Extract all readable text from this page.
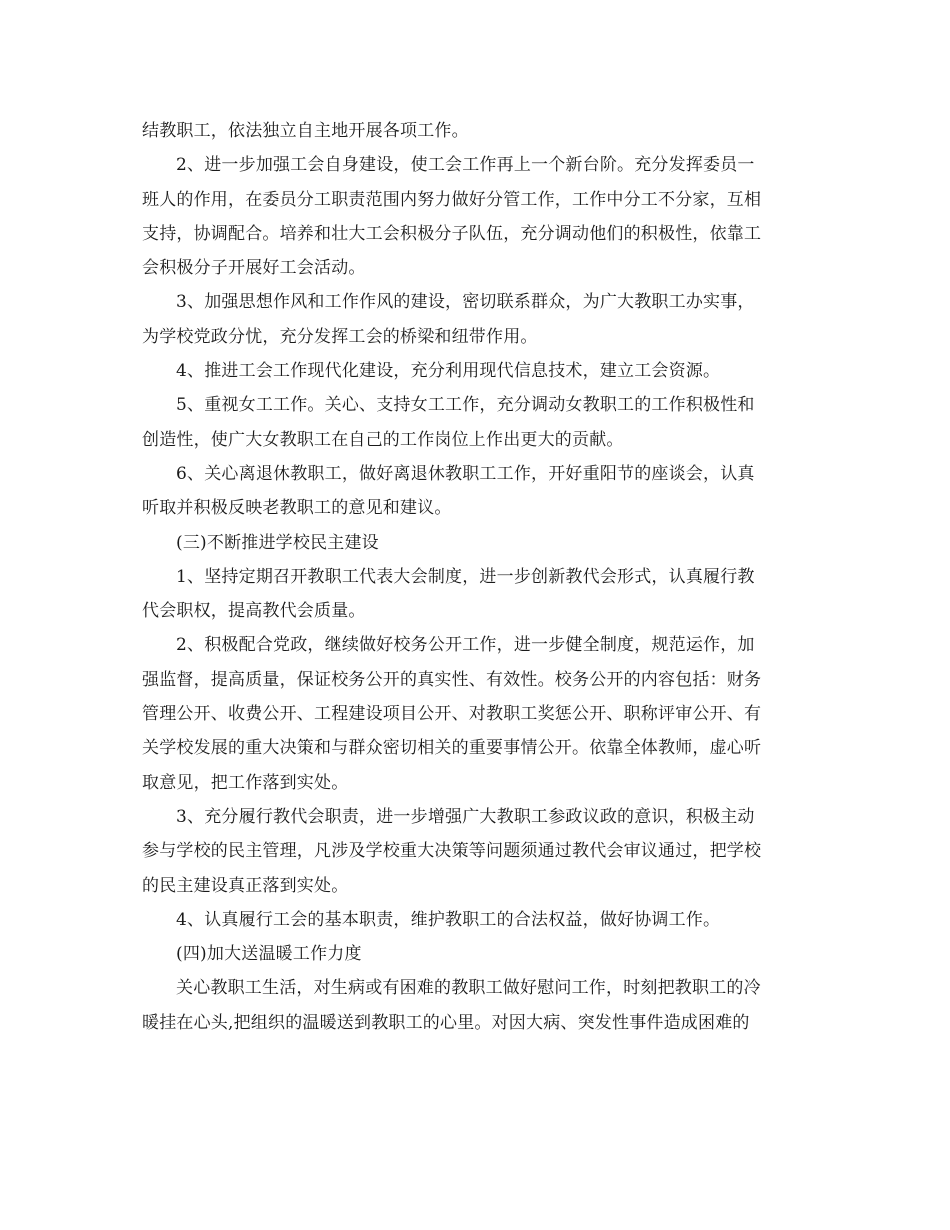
结教职工，依法独立自主地开展各项工作。
2、进一步加强工会自身建设，使工会工作再上一个新台阶。充分发挥委员一
班人的作用，在委员分工职责范围内努力做好分管工作，工作中分工不分家，互相
支持，协调配合。培养和壮大工会积极分子队伍，充分调动他们的积极性，依靠工
会积极分子开展好工会活动。
3、加强思想作风和工作作风的建设，密切联系群众，为广大教职工办实事，
为学校党政分忧，充分发挥工会的桥梁和纽带作用。
4、推进工会工作现代化建设，充分利用现代信息技术，建立工会资源。
5、重视女工工作。关心、支持女工工作，充分调动女教职工的工作积极性和
创造性，使广大女教职工在自己的工作岗位上作出更大的贡献。
6、关心离退休教职工，做好离退休教职工工作，开好重阳节的座谈会，认真
听取并积极反映老教职工的意见和建议。
(三)不断推进学校民主建设
1、坚持定期召开教职工代表大会制度，进一步创新教代会形式，认真履行教
代会职权，提高教代会质量。
2、积极配合党政，继续做好校务公开工作，进一步健全制度，规范运作，加
强监督，提高质量，保证校务公开的真实性、有效性。校务公开的内容包括：财务
管理公开、收费公开、工程建设项目公开、对教职工奖惩公开、职称评审公开、有
关学校发展的重大决策和与群众密切相关的重要事情公开。依靠全体教师，虚心听
取意见，把工作落到实处。
3、充分履行教代会职责，进一步增强广大教职工参政议政的意识，积极主动
参与学校的民主管理，凡涉及学校重大决策等问题须通过教代会审议通过，把学校
的民主建设真正落到实处。
4、认真履行工会的基本职责，维护教职工的合法权益，做好协调工作。
(四)加大送温暖工作力度
关心教职工生活，对生病或有困难的教职工做好慰问工作，时刻把教职工的冷
暖挂在心头,把组织的温暖送到教职工的心里。对因大病、突发性事件造成困难的
